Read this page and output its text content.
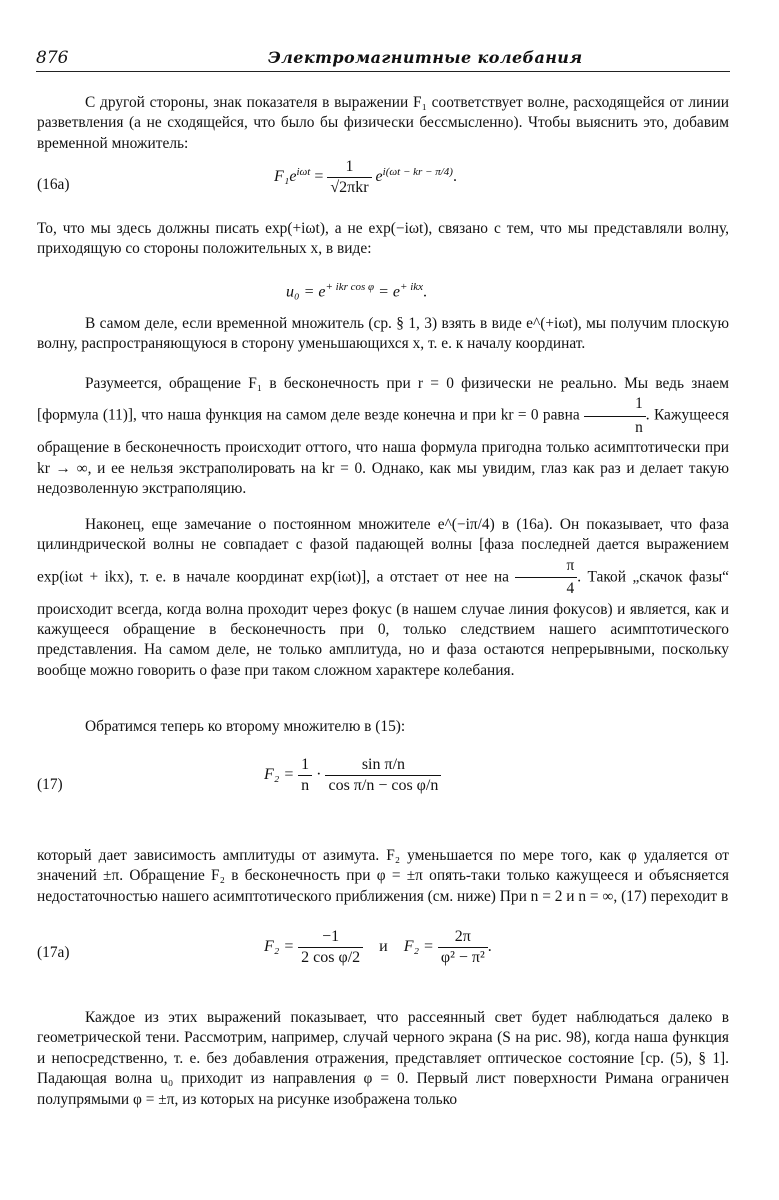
876	Электромагнитные колебания

С другой стороны, знак показателя в выражении F₁ соответствует волне, расходящейся от линии разветвления (а не сходящейся, что было бы физически бессмысленно). Чтобы выяснить это, добавим временной множитель:

(16а)	$F_1e^{i\omega t} = \frac{1}{\text{√2πkr}} e^{i(\omega t - kr - \pi/4)}$.

То, что мы здесь должны писать exp(+iωt), а не exp(−iωt), связано с тем, что мы представляли волну, приходящую со стороны положительных x, в виде:

$u_0 = e^{+ ikr cos \varphi} = e^{+ ikx}$.

В самом деле, если временной множитель (ср. § 1, 3) взять в виде e^(+iωt), мы получим плоскую волну, распространяющуюся в сторону уменьшающихся x, т. е. к началу координат.

Разумеется, обращение F₁ в бесконечность при r = 0 физически не реально. Мы ведь знаем [формула (11)], что наша функция на самом деле везде конечна и при kr = 0 равна $\frac{1}{n}$ . Кажущееся обращение в бесконечность происходит оттого, что наша формула пригодна только асимптотически при kr → ∞, и ее нельзя экстраполировать на kr = 0. Однако, как мы увидим, глаз как раз и делает такую недозволенную экстраполяцию.

Наконец, еще замечание о постоянном множителе e^(−iπ/4) в (16а). Он показывает, что фаза цилиндрической волны не совпадает с фазой падающей волны [фаза последней дается выражением exp(iωt + ikx), т. е. в начале координат exp(iωt)], а отстает от нее на $\frac{\pi}{4}$ . Такой „скачок фазы“ происходит всегда, когда волна проходит через фокус (в нашем случае линия фокусов) и является, как и кажущееся обращение в бесконечность при 0, только следствием нашего асимптотического представления. На самом деле, не только амплитуда, но и фаза остаются непрерывными, поскольку вообще можно говорить о фазе при таком сложном характере колебания.

Обратимся теперь ко второму множителю в (15):

(17)
$F_2 = \frac{1}{n} \cdot \frac{\text{sin π/n}}{\text{cos π/n − cos φ/n}}$

который дает зависимость амплитуды от азимута. F₂ уменьшается по мере того, как φ удаляется от значений ±π. Обращение F₂ в бесконечность при φ = ±π опять-таки только кажущееся и объясняется недостаточностью нашего асимптотического приближения (см. ниже) При n = 2 и n = ∞, (17) переходит в

(17а)	$F_2 = \frac{-1}{\text{2 cos φ/2}}$ и $F_2 = \frac{2\pi}{\text{φ² − π²}}$ .

Каждое из этих выражений показывает, что рассеянный свет будет наблюдаться далеко в геометрической тени. Рассмотрим, например, случай черного экрана (S на рис. 98), когда наша функция и непосредственно, т. е. без добавления отражения, представляет оптическое состояние [ср. (5), § 1]. Падающая волна u₀ приходит из направления φ = 0. Первый лист поверхности Римана ограничен полупрямыми φ = ±π, из которых на рисунке изображена только
